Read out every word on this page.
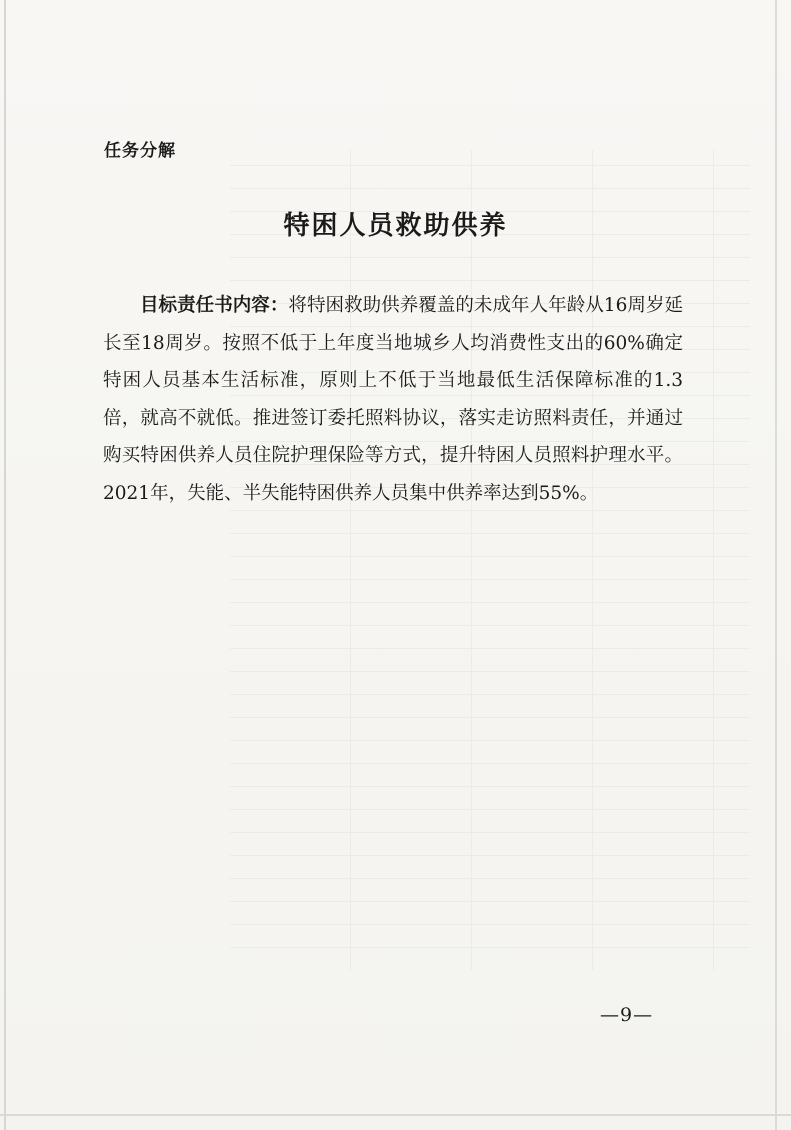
任务分解
特困人员救助供养
目标责任书内容：将特困救助供养覆盖的未成年人年龄从16周岁延长至18周岁。按照不低于上年度当地城乡人均消费性支出的60%确定特困人员基本生活标准，原则上不低于当地最低生活保障标准的1.3倍，就高不就低。推进签订委托照料协议，落实走访照料责任，并通过购买特困供养人员住院护理保险等方式，提升特困人员照料护理水平。2021年，失能、半失能特困供养人员集中供养率达到55%。
—9—
